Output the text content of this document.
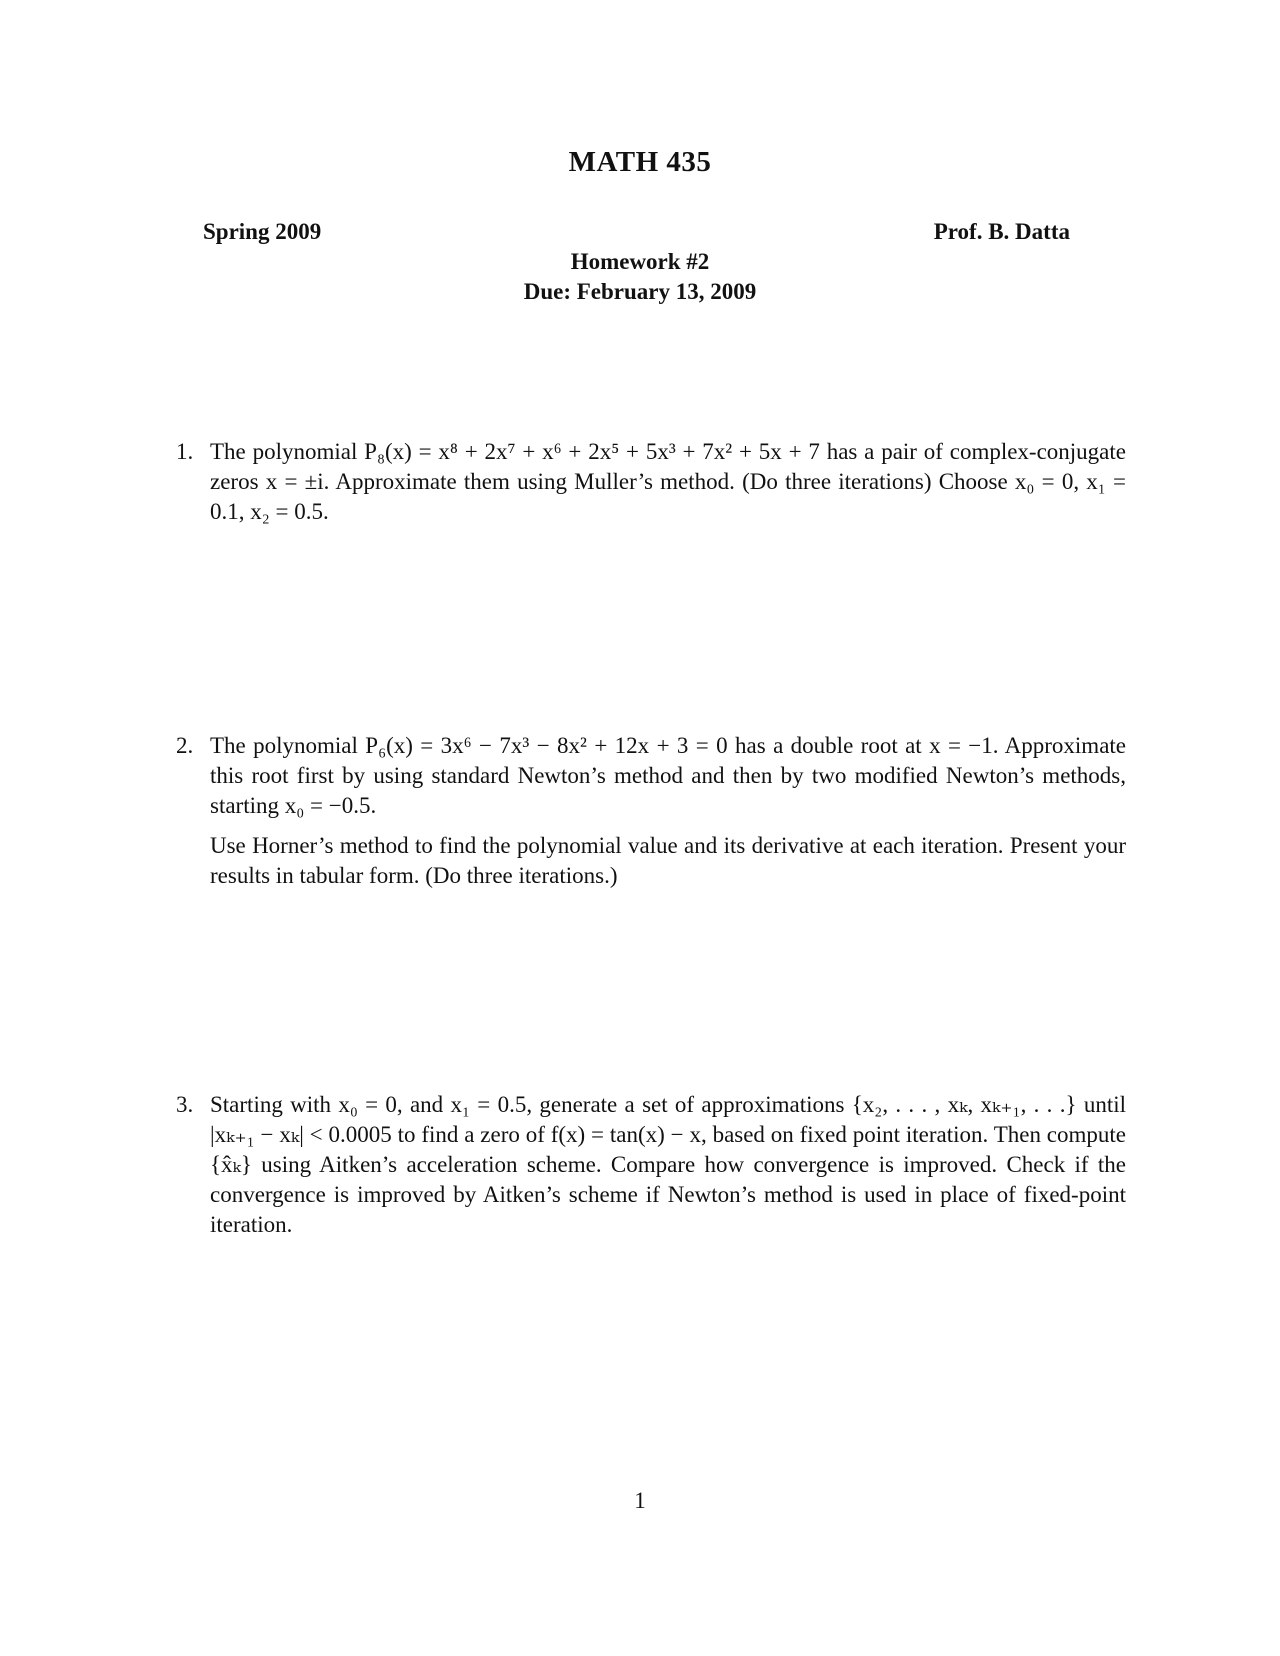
MATH 435
Spring 2009	Prof. B. Datta
Homework #2
Due: February 13, 2009
1. The polynomial P₈(x) = x⁸ + 2x⁷ + x⁶ + 2x⁵ + 5x³ + 7x² + 5x + 7 has a pair of complex-conjugate zeros x = ±i. Approximate them using Muller’s method. (Do three iterations) Choose x₀ = 0, x₁ = 0.1, x₂ = 0.5.
2. The polynomial P₆(x) = 3x⁶ − 7x³ − 8x² + 12x + 3 = 0 has a double root at x = −1. Approximate this root first by using standard Newton’s method and then by two modified Newton’s methods, starting x₀ = −0.5.
Use Horner’s method to find the polynomial value and its derivative at each iteration. Present your results in tabular form. (Do three iterations.)
3. Starting with x₀ = 0, and x₁ = 0.5, generate a set of approximations {x₂, . . . , xₖ, xₖ₊₁, . . .} until |xₖ₊₁ − xₖ| < 0.0005 to find a zero of f(x) = tan(x) − x, based on fixed point iteration. Then compute {x̂ₖ} using Aitken’s acceleration scheme. Compare how convergence is improved. Check if the convergence is improved by Aitken’s scheme if Newton’s method is used in place of fixed-point iteration.
1
